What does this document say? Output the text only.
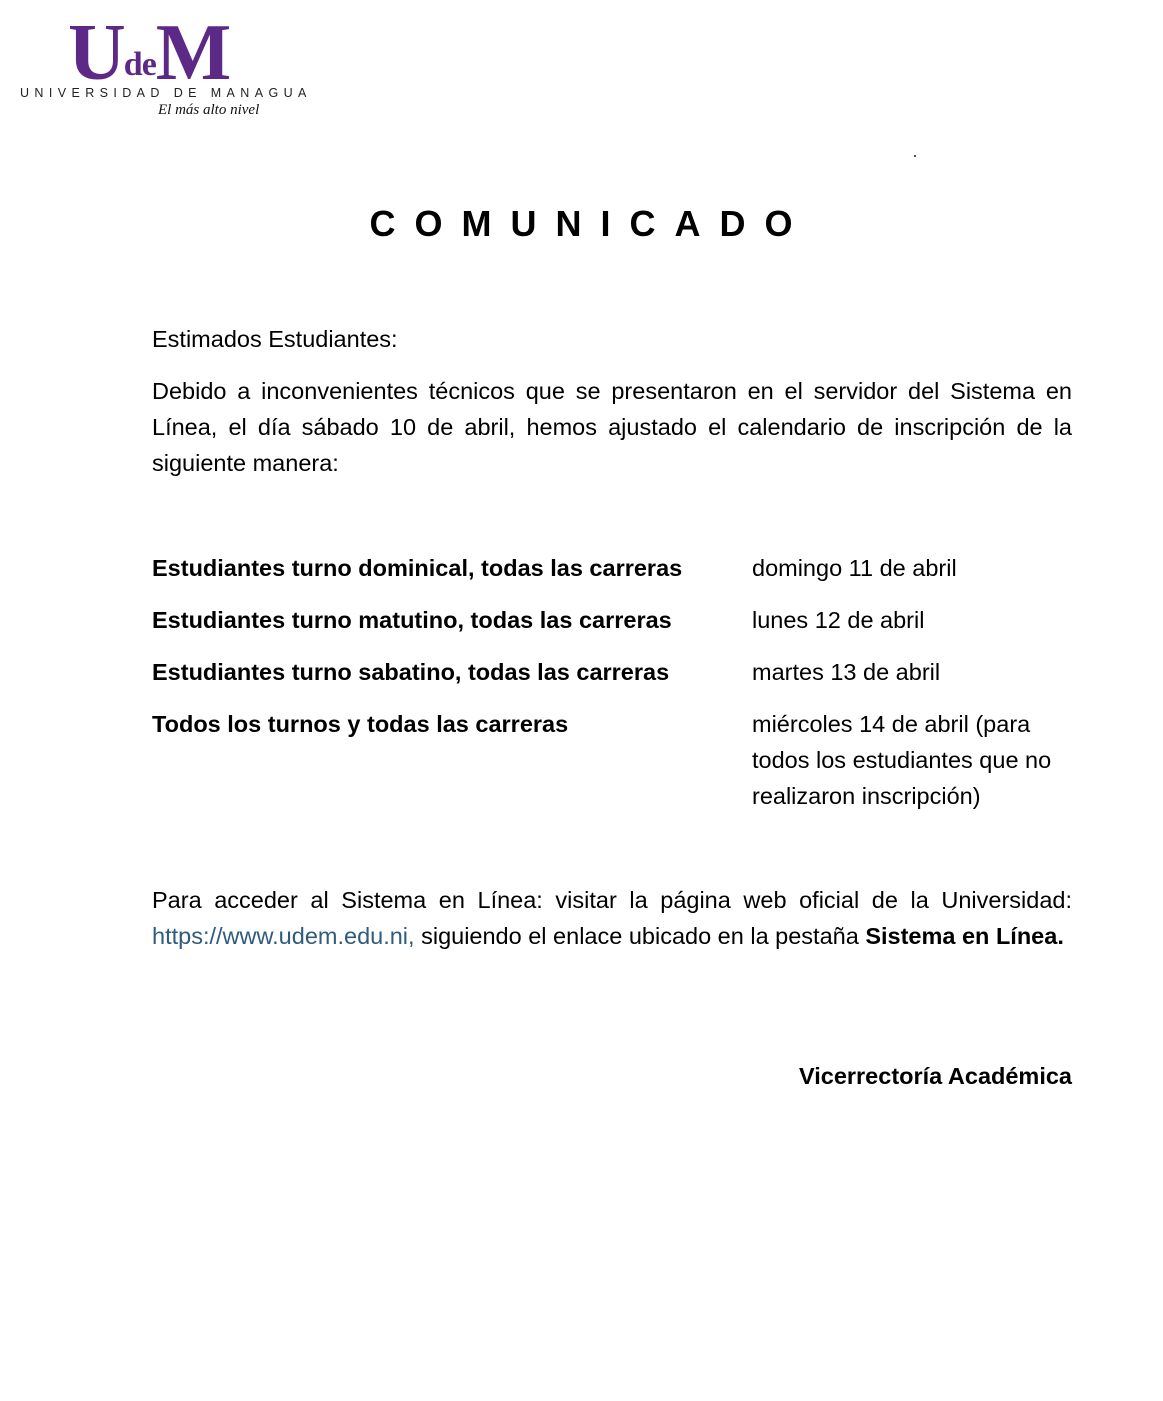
UdeM
UNIVERSIDAD DE MANAGUA
El más alto nivel
COMUNICADO
Estimados Estudiantes:
Debido a inconvenientes técnicos que se presentaron en el servidor del Sistema en Línea, el día sábado 10 de abril, hemos ajustado el calendario de inscripción de la siguiente manera:
Estudiantes turno dominical, todas las carreras	domingo 11 de abril
Estudiantes turno matutino, todas las carreras	lunes 12 de abril
Estudiantes turno sabatino, todas las carreras	martes 13 de abril
Todos los turnos y todas las carreras	miércoles 14 de abril (para todos los estudiantes que no realizaron inscripción)
Para acceder al Sistema en Línea: visitar la página web oficial de la Universidad: https://www.udem.edu.ni, siguiendo el enlace ubicado en la pestaña Sistema en Línea.
Vicerrectoría Académica
